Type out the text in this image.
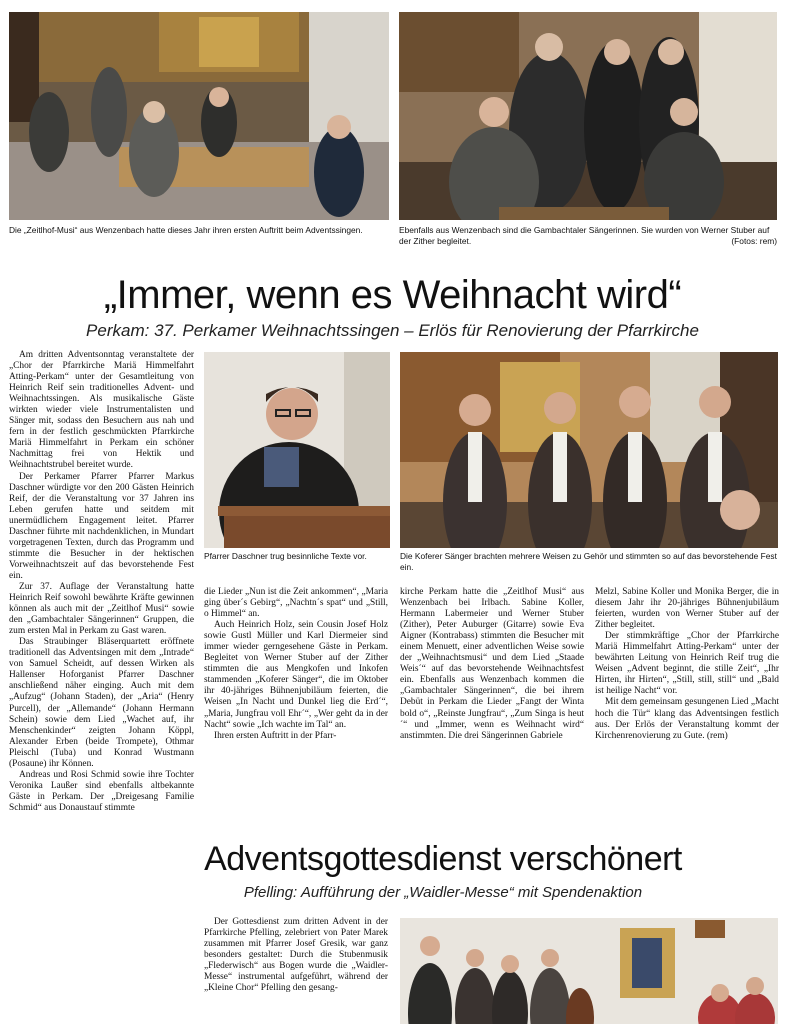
Die „Zeitlhof-Musi“ aus Wenzenbach hatte dieses Jahr ihren ersten Auftritt beim Adventssingen.	Ebenfalls aus Wenzenbach sind die Gambachtaler Sängerinnen. Sie wurden von Werner Stuber auf der Zither begleitet.	(Fotos: rem)
„Immer, wenn es Weihnacht wird“
Perkam: 37. Perkamer Weihnachtssingen – Erlös für Renovierung der Pfarrkirche
Pfarrer Daschner trug besinnliche Texte vor.	Die Koferer Sänger brachten mehrere Weisen zu Gehör und stimmten so auf das bevorstehende Fest ein.

Am dritten Adventsonntag veranstaltete der „Chor der Pfarrkirche Mariä Himmelfahrt Atting-Perkam“ unter der Gesamtleitung von Heinrich Reif sein traditionelles Advent- und Weihnachtssingen. Als musikalische Gäste wirkten wieder viele Instrumentalisten und Sänger mit, sodass den Besuchern aus nah und fern in der festlich geschmückten Pfarrkirche Mariä Himmelfahrt in Perkam ein schöner Nachmittag frei von Hektik und Weihnachtstrubel bereitet wurde.

Der Perkamer Pfarrer Pfarrer Markus Daschner würdigte vor den 200 Gästen Heinrich Reif, der die Veranstaltung vor 37 Jahren ins Leben gerufen hatte und seitdem mit unermüdlichem Engagement leitet. Pfarrer Daschner führte mit nachdenklichen, in Mundart vorgetragenen Texten, durch das Programm und stimmte die Besucher in der hektischen Vorweihnachtszeit auf das bevorstehende Fest ein.

Zur 37. Auflage der Veranstaltung hatte Heinrich Reif sowohl bewährte Kräfte gewinnen können als auch mit der „Zeitlhof Musi“ sowie den „Gambachtaler Sängerinnen“ Gruppen, die zum ersten Mal in Perkam zu Gast waren.

Das Straubinger Bläserquartett eröffnete traditionell das Adventsingen mit dem „Intrade“ von Samuel Scheidt, auf dessen Wirken als Hallenser Hoforganist Pfarrer Daschner anschließend näher einging. Auch mit dem „Aufzug“ (Johann Staden), der „Aria“ (Henry Purcell), der „Allemande“ (Johann Hermann Schein) sowie dem Lied „Wachet auf, ihr Menschenkinder“ zeigten Johann Köppl, Alexander Erben (beide Trompete), Othmar Pleischl (Tuba) und Konrad Wustmann (Posaune) ihr Können.

Andreas und Rosi Schmid sowie ihre Tochter Veronika Laußer sind ebenfalls altbekannte Gäste in Perkam. Der „Dreigesang Familie Schmid“ aus Donaustauf stimmte

die Lieder „Nun ist die Zeit ankommen“, „Maria ging über´s Gebirg“, „Nachtn´s spat“ und „Still, o Himmel“ an.

Auch Heinrich Holz, sein Cousin Josef Holz sowie Gustl Müller und Karl Diermeier sind immer wieder gerngesehene Gäste in Perkam. Begleitet von Werner Stuber auf der Zither stimmten die aus Mengkofen und Inkofen stammenden „Koferer Sänger“, die im Oktober ihr 40-jähriges Bühnenjubiläum feierten, die Weisen „In Nacht und Dunkel lieg die Erd´“, „Maria, Jungfrau voll Ehr´“, „Wer geht da in der Nacht“ sowie „Ich wachte im Tal“ an.

Ihren ersten Auftritt in der Pfarr-

kirche Perkam hatte die „Zeitlhof Musi“ aus Wenzenbach bei Irlbach. Sabine Koller, Hermann Labermeier und Werner Stuber (Zither), Peter Auburger (Gitarre) sowie Eva Aigner (Kontrabass) stimmten die Besucher mit einem Menuett, einer adventlichen Weise sowie der „Weihnachtsmusi“ und dem Lied „Staade Weis´“ auf das bevorstehende Weihnachtsfest ein. Ebenfalls aus Wenzenbach kommen die „Gambachtaler Sängerinnen“, die bei ihrem Debüt in Perkam die Lieder „Fangt der Winta bold o“, „Reinste Jungfrau“, „Zum Singa is heut´“ und „Immer, wenn es Weihnacht wird“ anstimmten. Die drei Sängerinnen Gabriele

Melzl, Sabine Koller und Monika Berger, die in diesem Jahr ihr 20-jähriges Bühnenjubiläum feierten, wurden von Werner Stuber auf der Zither begleitet.

Der stimmkräftige „Chor der Pfarrkirche Mariä Himmelfahrt Atting-Perkam“ unter der bewährten Leitung von Heinrich Reif trug die Weisen „Advent beginnt, die stille Zeit“, „Ihr Hirten, ihr Hirten“, „Still, still, still“ und „Bald ist heilige Nacht“ vor.

Mit dem gemeinsam gesungenen Lied „Macht hoch die Tür“ klang das Adventsingen festlich aus. Der Erlös der Veranstaltung kommt der Kirchenrenovierung zu Gute. (rem)

Adventsgottesdienst verschönert
Pfelling: Aufführung der „Waidler-Messe“ mit Spendenaktion

Der Gottesdienst zum dritten Advent in der Pfarrkirche Pfelling, zelebriert von Pater Marek zusammen mit Pfarrer Josef Gresik, war ganz besonders gestaltet: Durch die Stubenmusik „Flederwisch“ aus Bogen wurde die „Waidler-Messe“ instrumental aufgeführt, während der „Kleine Chor“ Pfelling den gesang-
